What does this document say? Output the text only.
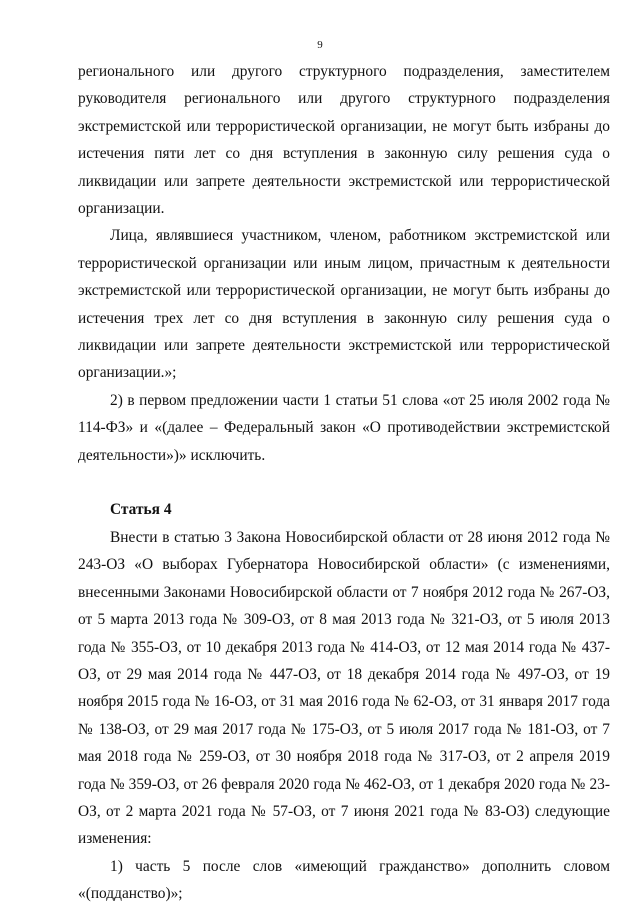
9

регионального или другого структурного подразделения, заместителем руководителя регионального или другого структурного подразделения экстремистской или террористической организации, не могут быть избраны до истечения пяти лет со дня вступления в законную силу решения суда о ликвидации или запрете деятельности экстремистской или террористической организации.

Лица, являвшиеся участником, членом, работником экстремистской или террористической организации или иным лицом, причастным к деятельности экстремистской или террористической организации, не могут быть избраны до истечения трех лет со дня вступления в законную силу решения суда о ликвидации или запрете деятельности экстремистской или террористической организации.»;

2) в первом предложении части 1 статьи 51 слова «от 25 июля 2002 года № 114-ФЗ» и «(далее – Федеральный закон «О противодействии экстремистской деятельности»)» исключить.

Статья 4

Внести в статью 3 Закона Новосибирской области от 28 июня 2012 года № 243-ОЗ «О выборах Губернатора Новосибирской области» (с изменениями, внесенными Законами Новосибирской области от 7 ноября 2012 года № 267-ОЗ, от 5 марта 2013 года № 309-ОЗ, от 8 мая 2013 года № 321-ОЗ, от 5 июля 2013 года № 355-ОЗ, от 10 декабря 2013 года № 414-ОЗ, от 12 мая 2014 года № 437-ОЗ, от 29 мая 2014 года № 447-ОЗ, от 18 декабря 2014 года № 497-ОЗ, от 19 ноября 2015 года № 16-ОЗ, от 31 мая 2016 года № 62-ОЗ, от 31 января 2017 года № 138-ОЗ, от 29 мая 2017 года № 175-ОЗ, от 5 июля 2017 года № 181-ОЗ, от 7 мая 2018 года № 259-ОЗ, от 30 ноября 2018 года № 317-ОЗ, от 2 апреля 2019 года № 359-ОЗ, от 26 февраля 2020 года № 462-ОЗ, от 1 декабря 2020 года № 23-ОЗ, от 2 марта 2021 года № 57-ОЗ, от 7 июня 2021 года № 83-ОЗ) следующие изменения:

1) часть 5 после слов «имеющий гражданство» дополнить словом «(подданство)»;
